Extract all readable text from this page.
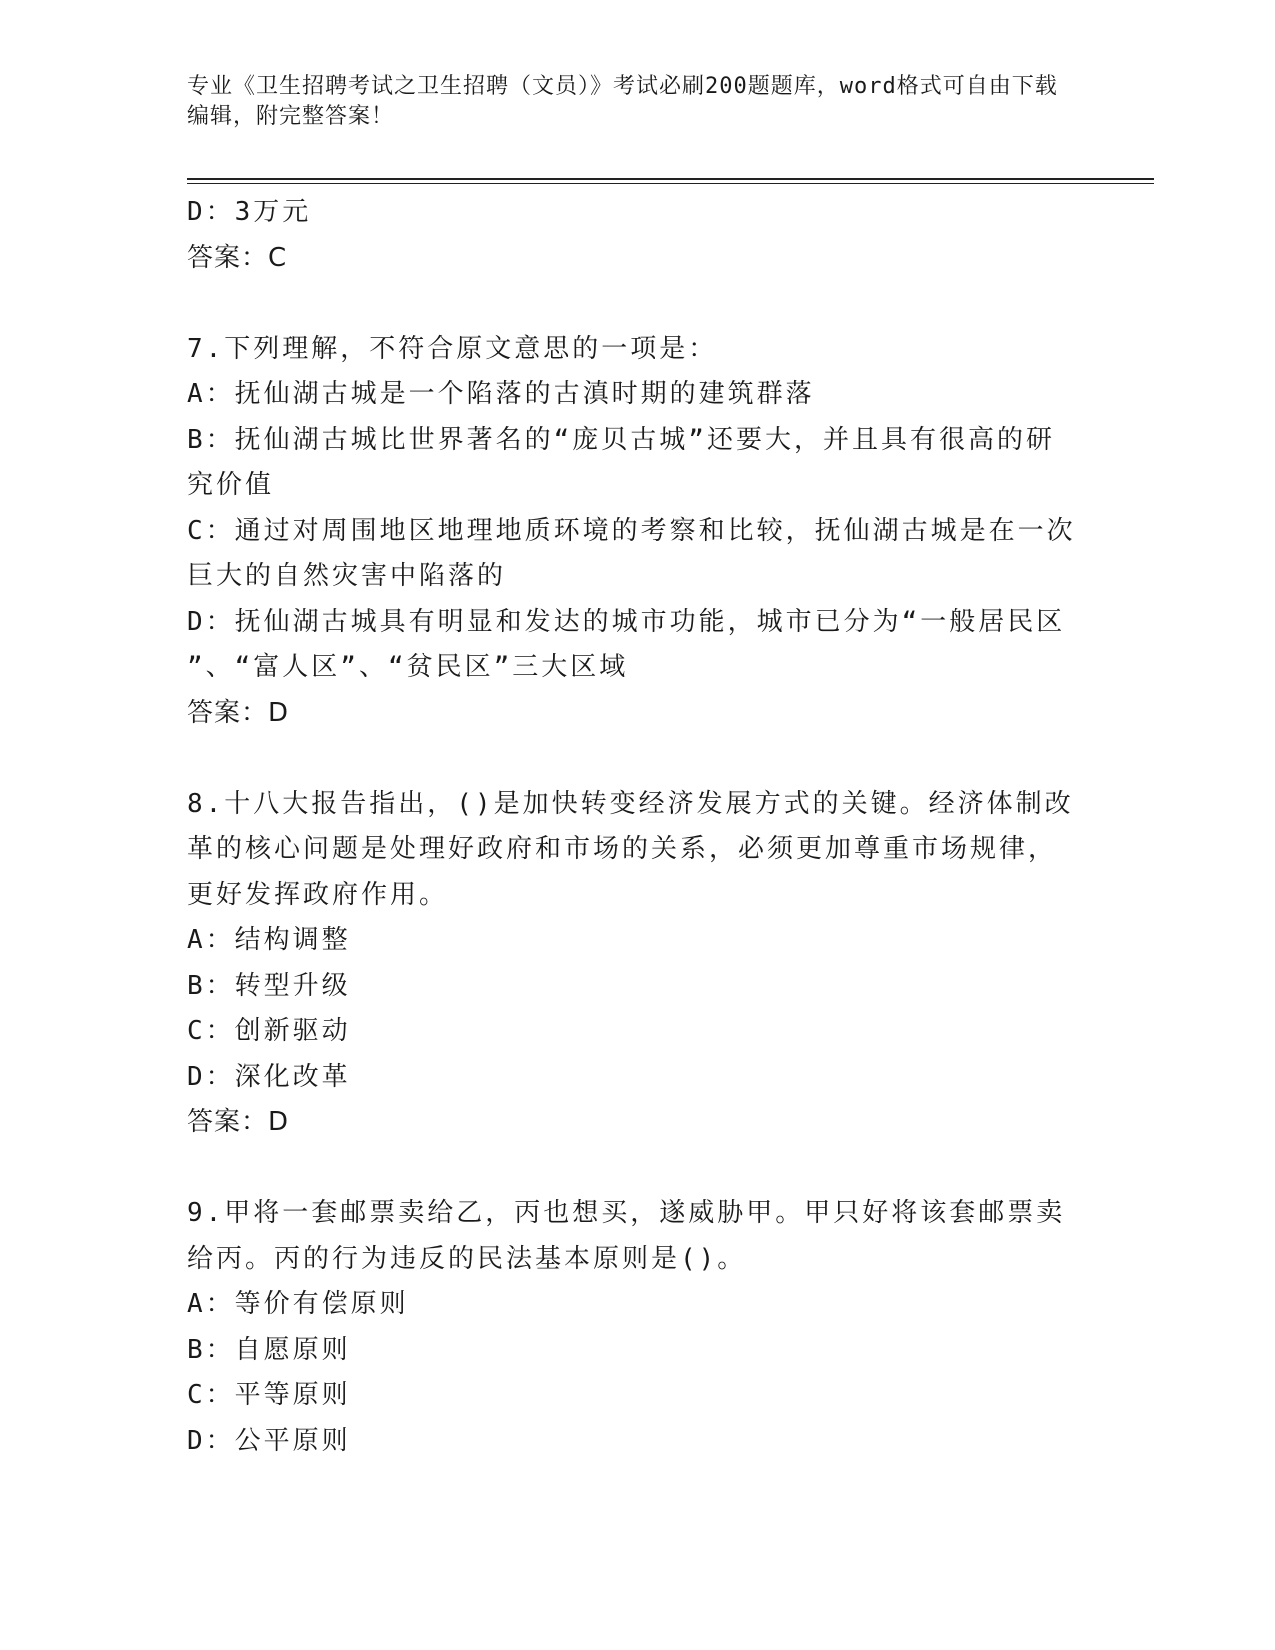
专业《卫生招聘考试之卫生招聘（文员）》考试必刷200题题库，word格式可自由下载编辑，附完整答案！
D：3万元
答案：C
7.下列理解，不符合原文意思的一项是：
A：抚仙湖古城是一个陷落的古滇时期的建筑群落
B：抚仙湖古城比世界著名的“庞贝古城”还要大，并且具有很高的研
究价值
C：通过对周围地区地理地质环境的考察和比较，抚仙湖古城是在一次
巨大的自然灾害中陷落的
D：抚仙湖古城具有明显和发达的城市功能，城市已分为“一般居民区
”、“富人区”、“贫民区”三大区域
答案：D
8.十八大报告指出，()是加快转变经济发展方式的关键。经济体制改
革的核心问题是处理好政府和市场的关系，必须更加尊重市场规律，
更好发挥政府作用。
A：结构调整
B：转型升级
C：创新驱动
D：深化改革
答案：D
9.甲将一套邮票卖给乙，丙也想买，遂威胁甲。甲只好将该套邮票卖
给丙。丙的行为违反的民法基本原则是()。
A：等价有偿原则
B：自愿原则
C：平等原则
D：公平原则
